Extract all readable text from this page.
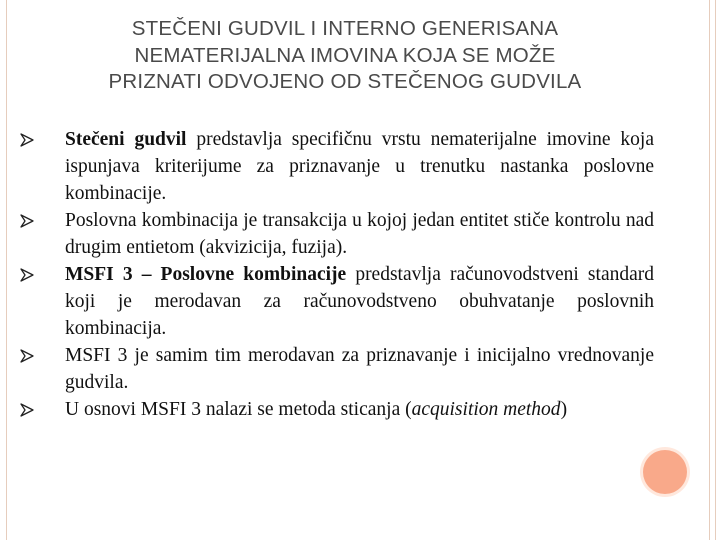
STEČENI GUDVIL I INTERNO GENERISANA
NEMATERIJALNA IMOVINA KOJA SE MOŽE
PRIZNATI ODVOJENO OD STEČENOG GUDVILA
Stečeni gudvil predstavlja specifičnu vrstu nematerijalne imovine koja ispunjava kriterijume za priznavanje u trenutku nastanka poslovne kombinacije.
Poslovna kombinacija je transakcija u kojoj jedan entitet stiče kontrolu nad drugim entietom (akvizicija, fuzija).
MSFI 3 – Poslovne kombinacije predstavlja računovodstveni standard koji je merodavan za računovodstveno obuhvatanje poslovnih kombinacija.
MSFI 3 je samim tim merodavan za priznavanje i inicijalno vrednovanje gudvila.
U osnovi MSFI 3 nalazi se metoda sticanja (acquisition method)
